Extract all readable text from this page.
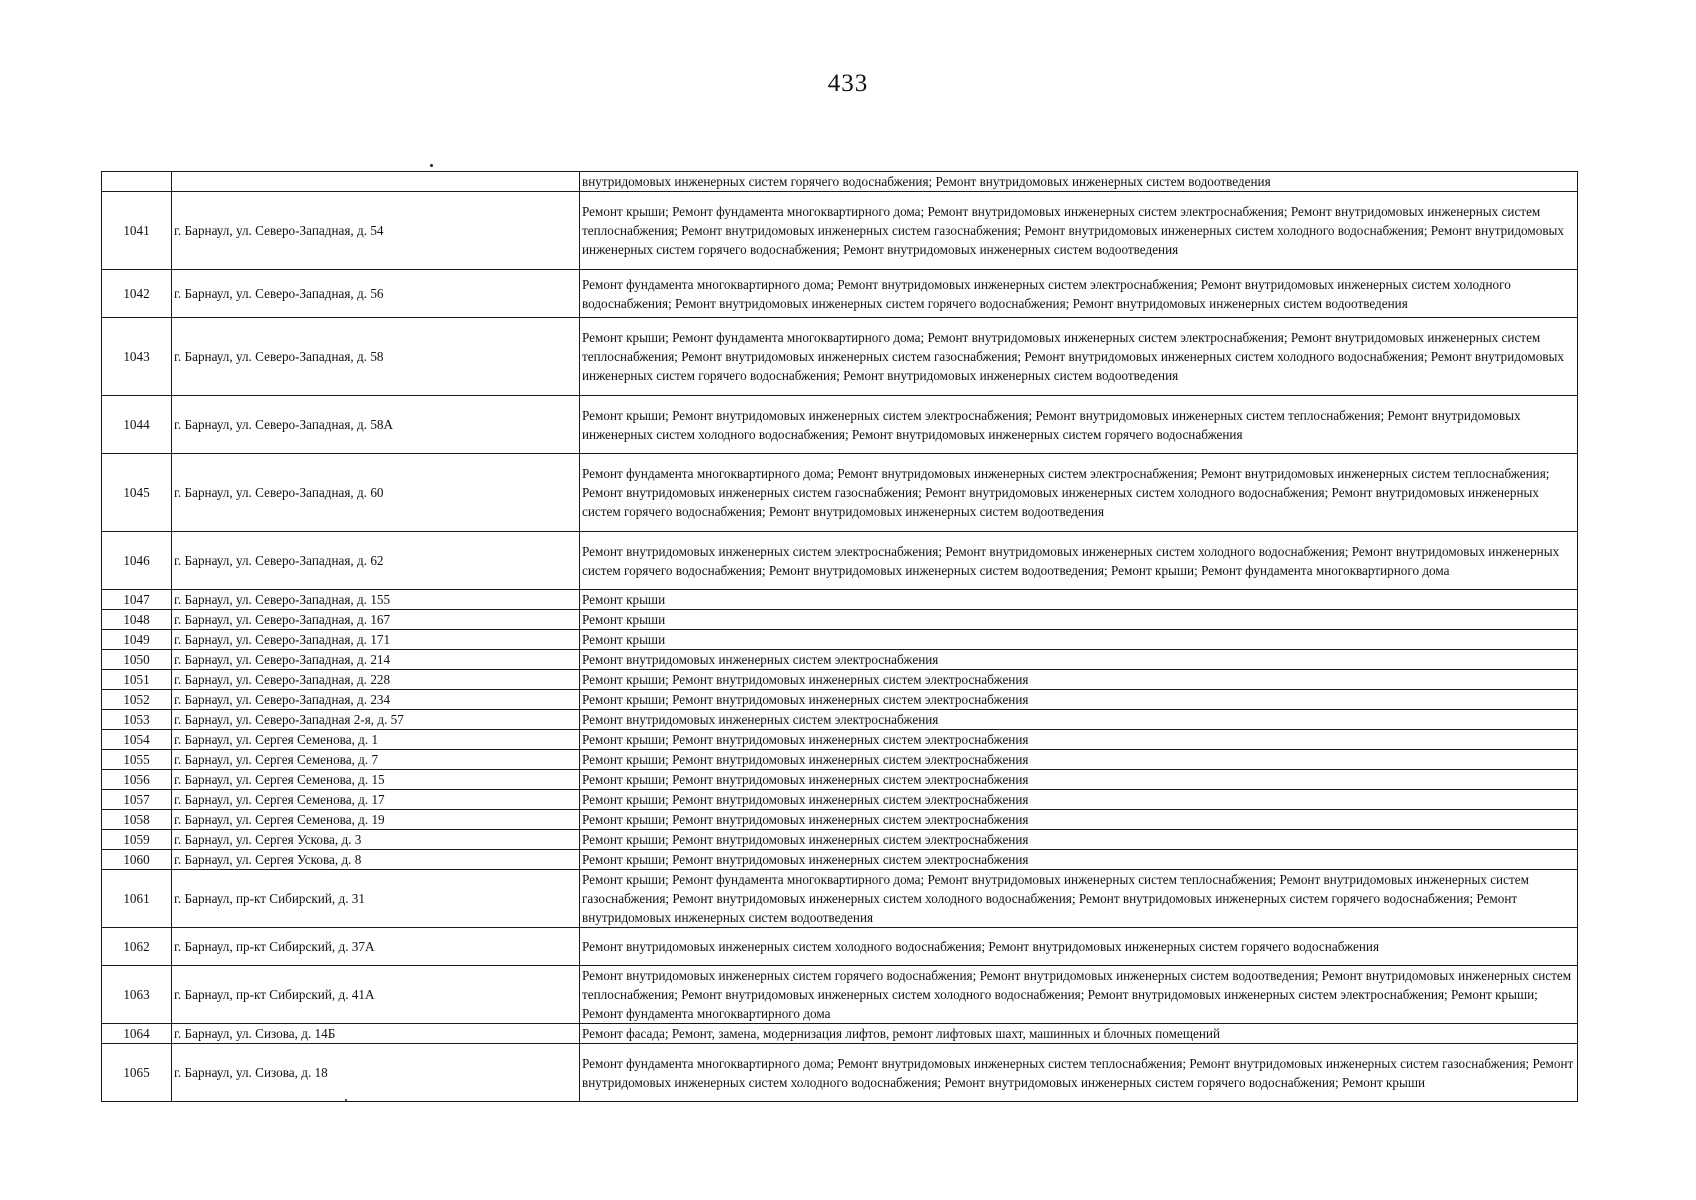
433
		внутридомовых инженерных систем горячего водоснабжения; Ремонт внутридомовых инженерных систем водоотведения
1041	г. Барнаул, ул. Северо-Западная, д. 54	Ремонт крыши; Ремонт фундамента многоквартирного дома; Ремонт внутридомовых инженерных систем электроснабжения; Ремонт внутридомовых инженерных систем теплоснабжения; Ремонт внутридомовых инженерных систем газоснабжения; Ремонт внутридомовых инженерных систем холодного водоснабжения; Ремонт внутридомовых инженерных систем горячего водоснабжения; Ремонт внутридомовых инженерных систем водоотведения
1042	г. Барнаул, ул. Северо-Западная, д. 56	Ремонт фундамента многоквартирного дома; Ремонт внутридомовых инженерных систем электроснабжения; Ремонт внутридомовых инженерных систем холодного водоснабжения; Ремонт внутридомовых инженерных систем горячего водоснабжения; Ремонт внутридомовых инженерных систем водоотведения
1043	г. Барнаул, ул. Северо-Западная, д. 58	Ремонт крыши; Ремонт фундамента многоквартирного дома; Ремонт внутридомовых инженерных систем электроснабжения; Ремонт внутридомовых инженерных систем теплоснабжения; Ремонт внутридомовых инженерных систем газоснабжения; Ремонт внутридомовых инженерных систем холодного водоснабжения; Ремонт внутридомовых инженерных систем горячего водоснабжения; Ремонт внутридомовых инженерных систем водоотведения
1044	г. Барнаул, ул. Северо-Западная, д. 58А	Ремонт крыши; Ремонт внутридомовых инженерных систем электроснабжения; Ремонт внутридомовых инженерных систем теплоснабжения; Ремонт внутридомовых инженерных систем холодного водоснабжения; Ремонт внутридомовых инженерных систем горячего водоснабжения
1045	г. Барнаул, ул. Северо-Западная, д. 60	Ремонт фундамента многоквартирного дома; Ремонт внутридомовых инженерных систем электроснабжения; Ремонт внутридомовых инженерных систем теплоснабжения; Ремонт внутридомовых инженерных систем газоснабжения; Ремонт внутридомовых инженерных систем холодного водоснабжения; Ремонт внутридомовых инженерных систем горячего водоснабжения; Ремонт внутридомовых инженерных систем водоотведения
1046	г. Барнаул, ул. Северо-Западная, д. 62	Ремонт внутридомовых инженерных систем электроснабжения; Ремонт внутридомовых инженерных систем холодного водоснабжения; Ремонт внутридомовых инженерных систем горячего водоснабжения; Ремонт внутридомовых инженерных систем водоотведения; Ремонт крыши; Ремонт фундамента многоквартирного дома
1047	г. Барнаул, ул. Северо-Западная, д. 155	Ремонт крыши
1048	г. Барнаул, ул. Северо-Западная, д. 167	Ремонт крыши
1049	г. Барнаул, ул. Северо-Западная, д. 171	Ремонт крыши
1050	г. Барнаул, ул. Северо-Западная, д. 214	Ремонт внутридомовых инженерных систем электроснабжения
1051	г. Барнаул, ул. Северо-Западная, д. 228	Ремонт крыши; Ремонт внутридомовых инженерных систем электроснабжения
1052	г. Барнаул, ул. Северо-Западная, д. 234	Ремонт крыши; Ремонт внутридомовых инженерных систем электроснабжения
1053	г. Барнаул, ул. Северо-Западная 2-я, д. 57	Ремонт внутридомовых инженерных систем электроснабжения
1054	г. Барнаул, ул. Сергея Семенова, д. 1	Ремонт крыши; Ремонт внутридомовых инженерных систем электроснабжения
1055	г. Барнаул, ул. Сергея Семенова, д. 7	Ремонт крыши; Ремонт внутридомовых инженерных систем электроснабжения
1056	г. Барнаул, ул. Сергея Семенова, д. 15	Ремонт крыши; Ремонт внутридомовых инженерных систем электроснабжения
1057	г. Барнаул, ул. Сергея Семенова, д. 17	Ремонт крыши; Ремонт внутридомовых инженерных систем электроснабжения
1058	г. Барнаул, ул. Сергея Семенова, д. 19	Ремонт крыши; Ремонт внутридомовых инженерных систем электроснабжения
1059	г. Барнаул, ул. Сергея Ускова, д. 3	Ремонт крыши; Ремонт внутридомовых инженерных систем электроснабжения
1060	г. Барнаул, ул. Сергея Ускова, д. 8	Ремонт крыши; Ремонт внутридомовых инженерных систем электроснабжения
1061	г. Барнаул, пр-кт Сибирский, д. 31	Ремонт крыши; Ремонт фундамента многоквартирного дома; Ремонт внутридомовых инженерных систем теплоснабжения; Ремонт внутридомовых инженерных систем газоснабжения; Ремонт внутридомовых инженерных систем холодного водоснабжения; Ремонт внутридомовых инженерных систем горячего водоснабжения; Ремонт внутридомовых инженерных систем водоотведения
1062	г. Барнаул, пр-кт Сибирский, д. 37А	Ремонт внутридомовых инженерных систем холодного водоснабжения; Ремонт внутридомовых инженерных систем горячего водоснабжения
1063	г. Барнаул, пр-кт Сибирский, д. 41А	Ремонт внутридомовых инженерных систем горячего водоснабжения; Ремонт внутридомовых инженерных систем водоотведения; Ремонт внутридомовых инженерных систем теплоснабжения; Ремонт внутридомовых инженерных систем холодного водоснабжения; Ремонт внутридомовых инженерных систем электроснабжения; Ремонт крыши; Ремонт фундамента многоквартирного дома
1064	г. Барнаул, ул. Сизова, д. 14Б	Ремонт фасада; Ремонт, замена, модернизация лифтов, ремонт лифтовых шахт, машинных и блочных помещений
1065	г. Барнаул, ул. Сизова, д. 18	Ремонт фундамента многоквартирного дома; Ремонт внутридомовых инженерных систем теплоснабжения; Ремонт внутридомовых инженерных систем газоснабжения; Ремонт внутридомовых инженерных систем холодного водоснабжения; Ремонт внутридомовых инженерных систем горячего водоснабжения; Ремонт крыши
